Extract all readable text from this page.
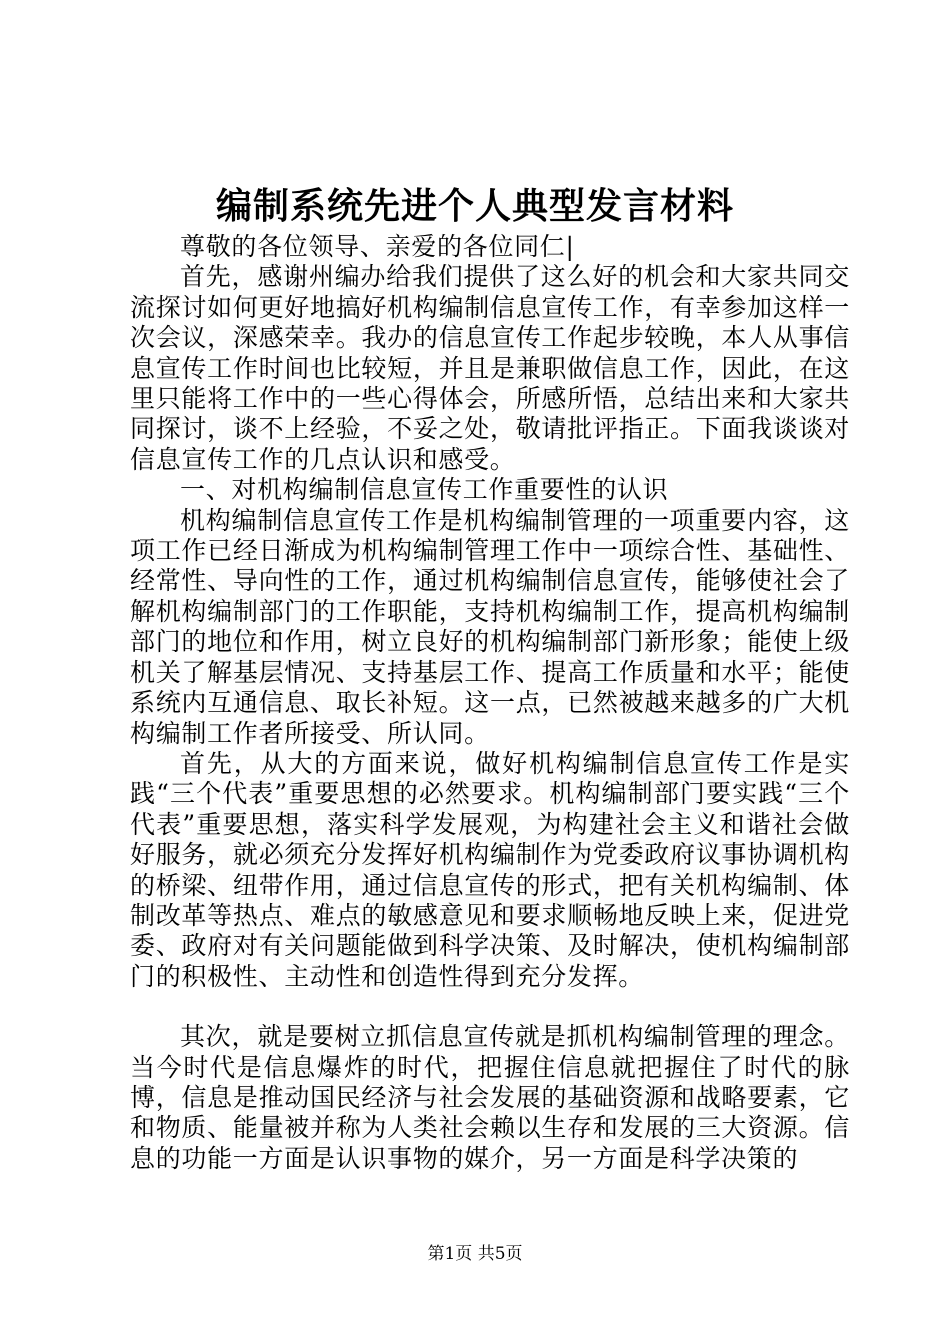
编制系统先进个人典型发言材料

尊敬的各位领导、亲爱的各位同仁|

首先，感谢州编办给我们提供了这么好的机会和大家共同交流探讨如何更好地搞好机构编制信息宣传工作，有幸参加这样一次会议，深感荣幸。我办的信息宣传工作起步较晚，本人从事信息宣传工作时间也比较短，并且是兼职做信息工作，因此，在这里只能将工作中的一些心得体会，所感所悟，总结出来和大家共同探讨，谈不上经验，不妥之处，敬请批评指正。下面我谈谈对信息宣传工作的几点认识和感受。

一、对机构编制信息宣传工作重要性的认识

机构编制信息宣传工作是机构编制管理的一项重要内容，这项工作已经日渐成为机构编制管理工作中一项综合性、基础性、经常性、导向性的工作，通过机构编制信息宣传，能够使社会了解机构编制部门的工作职能，支持机构编制工作，提高机构编制部门的地位和作用，树立良好的机构编制部门新形象；能使上级机关了解基层情况、支持基层工作、提高工作质量和水平；能使系统内互通信息、取长补短。这一点，已然被越来越多的广大机构编制工作者所接受、所认同。

首先，从大的方面来说，做好机构编制信息宣传工作是实践“三个代表”重要思想的必然要求。机构编制部门要实践“三个代表”重要思想，落实科学发展观，为构建社会主义和谐社会做好服务，就必须充分发挥好机构编制作为党委政府议事协调机构的桥梁、纽带作用，通过信息宣传的形式，把有关机构编制、体制改革等热点、难点的敏感意见和要求顺畅地反映上来，促进党委、政府对有关问题能做到科学决策、及时解决，使机构编制部门的积极性、主动性和创造性得到充分发挥。

其次，就是要树立抓信息宣传就是抓机构编制管理的理念。当今时代是信息爆炸的时代，把握住信息就把握住了时代的脉博，信息是推动国民经济与社会发展的基础资源和战略要素，它和物质、能量被并称为人类社会赖以生存和发展的三大资源。信息的功能一方面是认识事物的媒介，另一方面是科学决策的

第1页 共5页
